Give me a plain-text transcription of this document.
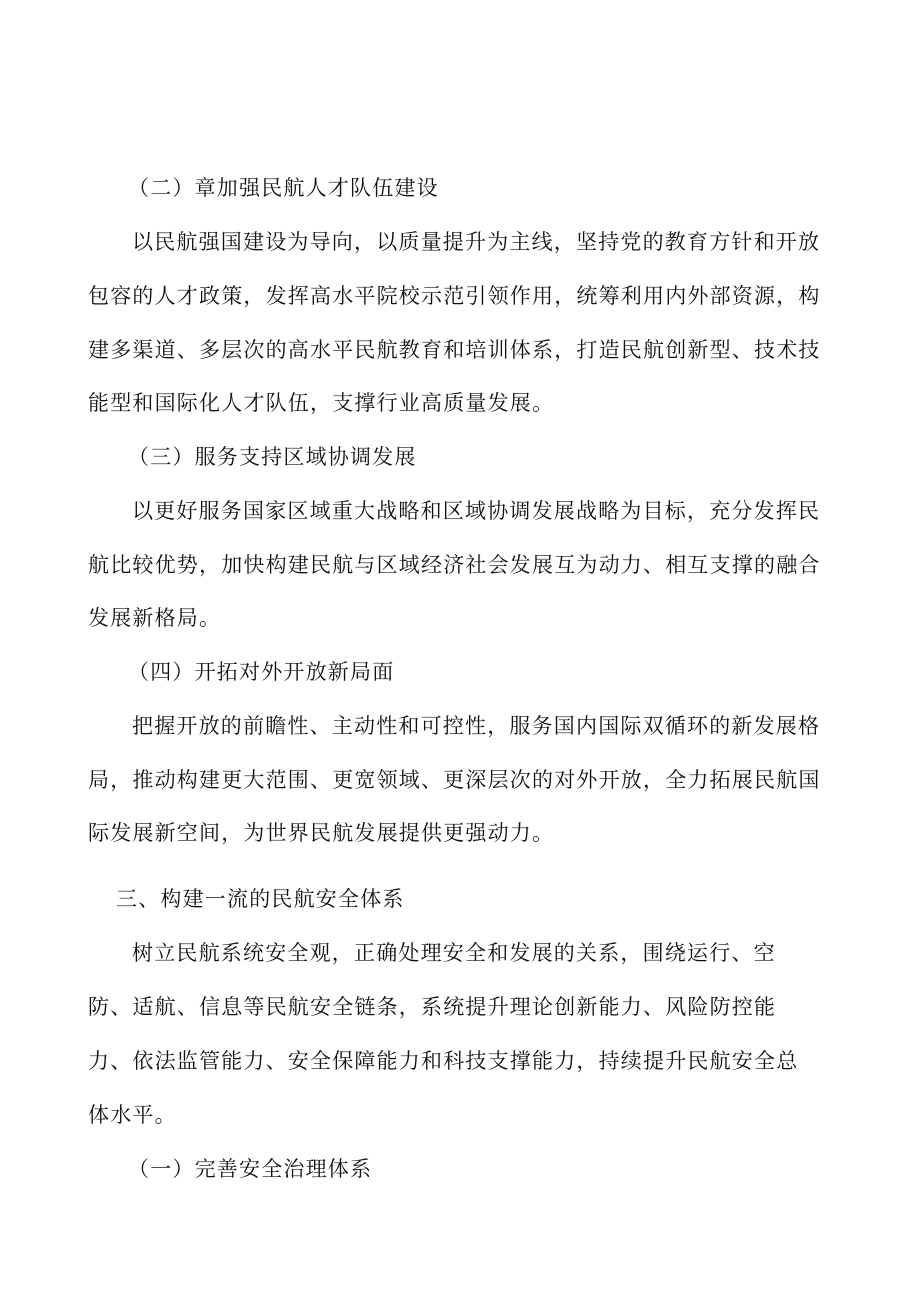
（二）章加强民航人才队伍建设

以民航强国建设为导向，以质量提升为主线，坚持党的教育方针和开放

包容的人才政策，发挥高水平院校示范引领作用，统筹利用内外部资源，构

建多渠道、多层次的高水平民航教育和培训体系，打造民航创新型、技术技

能型和国际化人才队伍，支撑行业高质量发展。

（三）服务支持区域协调发展

以更好服务国家区域重大战略和区域协调发展战略为目标，充分发挥民

航比较优势，加快构建民航与区域经济社会发展互为动力、相互支撑的融合

发展新格局。

（四）开拓对外开放新局面

把握开放的前瞻性、主动性和可控性，服务国内国际双循环的新发展格

局，推动构建更大范围、更宽领域、更深层次的对外开放，全力拓展民航国

际发展新空间，为世界民航发展提供更强动力。

三、构建一流的民航安全体系

树立民航系统安全观，正确处理安全和发展的关系，围绕运行、空

防、适航、信息等民航安全链条，系统提升理论创新能力、风险防控能

力、依法监管能力、安全保障能力和科技支撑能力，持续提升民航安全总

体水平。

（一）完善安全治理体系
